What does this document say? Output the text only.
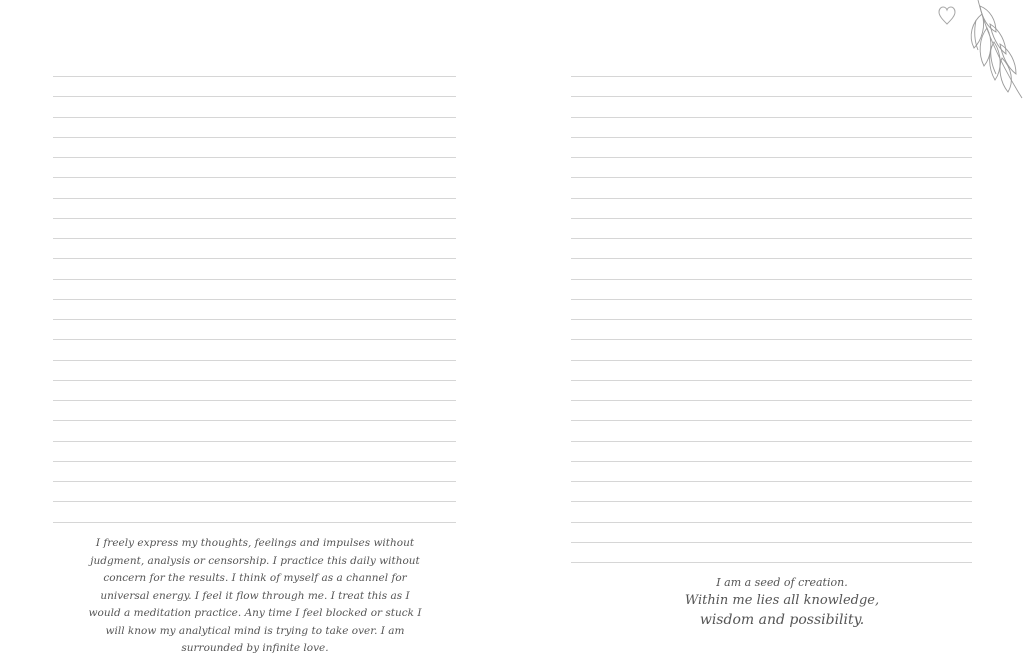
I freely express my thoughts, feelings and impulses without judgment, analysis or censorship. I practice this daily without concern for the results. I think of myself as a channel for universal energy. I feel it flow through me. I treat this as I would a meditation practice. Any time I feel blocked or stuck I will know my analytical mind is trying to take over. I am surrounded by infinite love.
I am a seed of creation.
Within me lies all knowledge,
wisdom and possibility.
